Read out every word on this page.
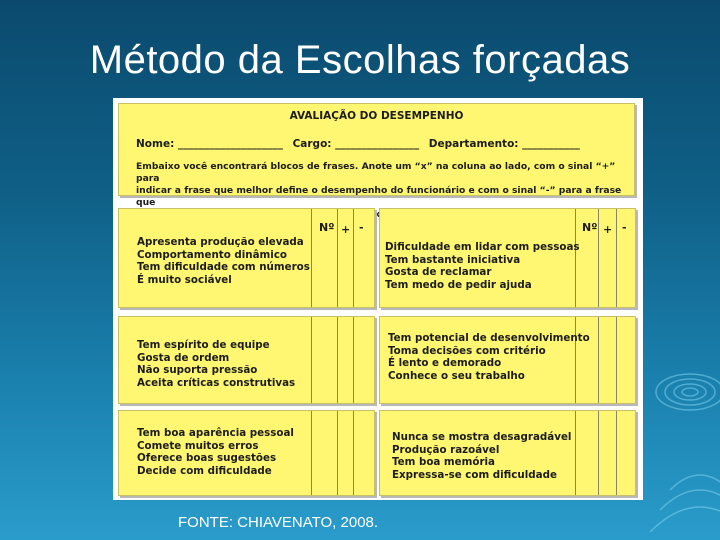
Método da Escolhas forçadas
AVALIAÇÃO DO DESEMPENHO
Nome: ____________________ Cargo: ________________ Departamento: ___________
Embaixo você encontrará blocos de frases. Anote um “x” na coluna ao lado, com o sinal “+” para
indicar a frase que melhor define o desempenho do funcionário e com o sinal “-” para a frase que
Nº + -
Apresenta produção elevada
Comportamento dinâmico
Tem dificuldade com números
É muito sociável
Nº + -
Dificuldade em lidar com pessoas
Tem bastante iniciativa
Gosta de reclamar
Tem medo de pedir ajuda
Tem espírito de equipe
Gosta de ordem
Não suporta pressão
Aceita críticas construtivas
Tem potencial de desenvolvimento
Toma decisões com critério
É lento e demorado
Conhece o seu trabalho
Tem boa aparência pessoal
Comete muitos erros
Oferece boas sugestões
Decide com dificuldade
Nunca se mostra desagradável
Produção razoável
Tem boa memória
Expressa-se com dificuldade
FONTE: CHIAVENATO, 2008.
